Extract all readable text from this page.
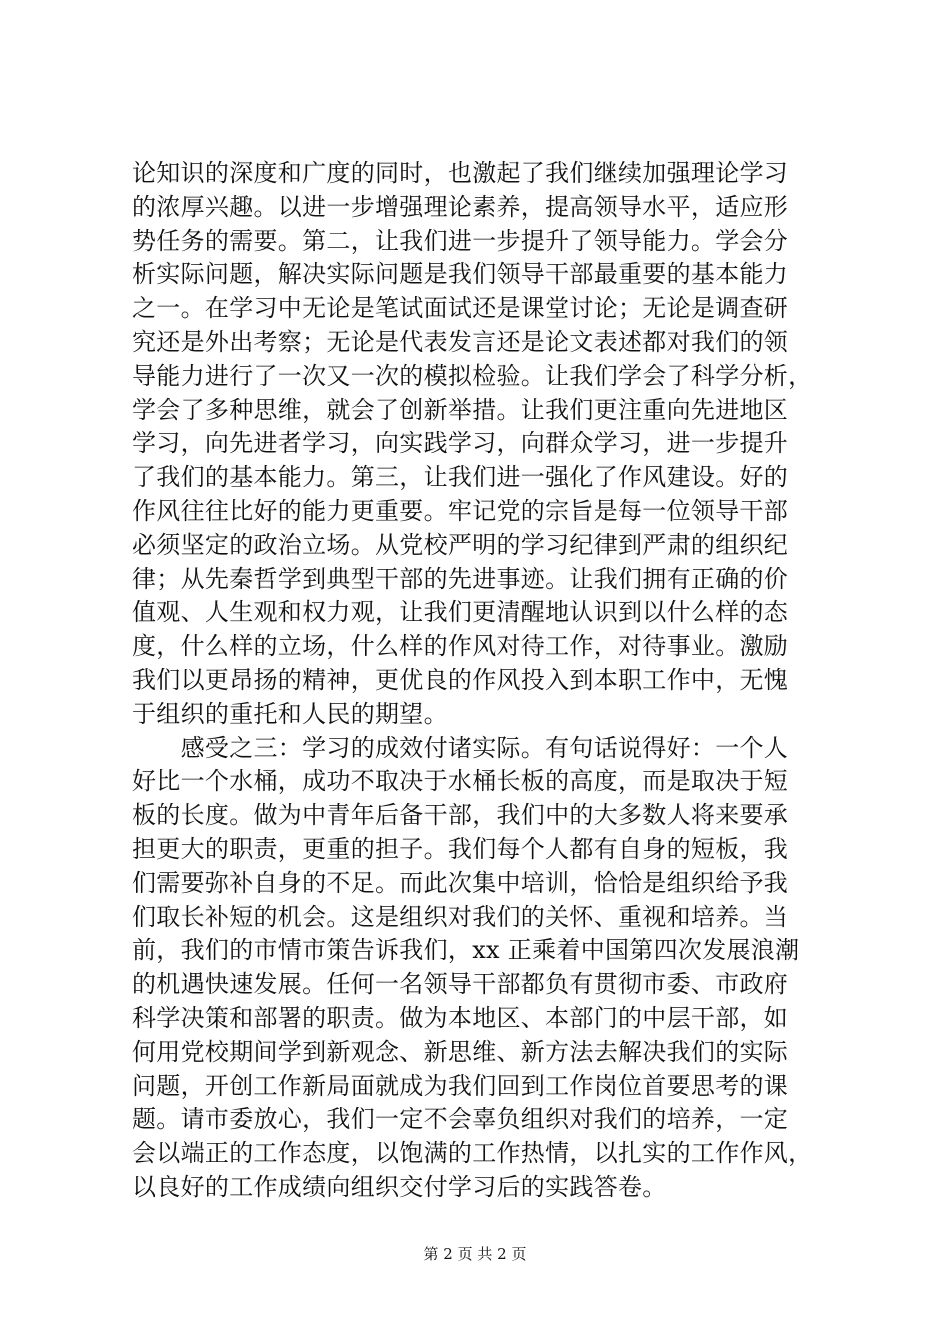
论知识的深度和广度的同时，也激起了我们继续加强理论学习
的浓厚兴趣。以进一步增强理论素养，提高领导水平，适应形
势任务的需要。第二，让我们进一步提升了领导能力。学会分
析实际问题，解决实际问题是我们领导干部最重要的基本能力
之一。在学习中无论是笔试面试还是课堂讨论；无论是调查研
究还是外出考察；无论是代表发言还是论文表述都对我们的领
导能力进行了一次又一次的模拟检验。让我们学会了科学分析，
学会了多种思维，就会了创新举措。让我们更注重向先进地区
学习，向先进者学习，向实践学习，向群众学习，进一步提升
了我们的基本能力。第三，让我们进一强化了作风建设。好的
作风往往比好的能力更重要。牢记党的宗旨是每一位领导干部
必须坚定的政治立场。从党校严明的学习纪律到严肃的组织纪
律；从先秦哲学到典型干部的先进事迹。让我们拥有正确的价
值观、人生观和权力观，让我们更清醒地认识到以什么样的态
度，什么样的立场，什么样的作风对待工作，对待事业。激励
我们以更昂扬的精神，更优良的作风投入到本职工作中，无愧
于组织的重托和人民的期望。
　　感受之三：学习的成效付诸实际。有句话说得好：一个人
好比一个水桶，成功不取决于水桶长板的高度，而是取决于短
板的长度。做为中青年后备干部，我们中的大多数人将来要承
担更大的职责，更重的担子。我们每个人都有自身的短板，我
们需要弥补自身的不足。而此次集中培训，恰恰是组织给予我
们取长补短的机会。这是组织对我们的关怀、重视和培养。当
前，我们的市情市策告诉我们，xx 正乘着中国第四次发展浪潮
的机遇快速发展。任何一名领导干部都负有贯彻市委、市政府
科学决策和部署的职责。做为本地区、本部门的中层干部，如
何用党校期间学到新观念、新思维、新方法去解决我们的实际
问题，开创工作新局面就成为我们回到工作岗位首要思考的课
题。请市委放心，我们一定不会辜负组织对我们的培养，一定
会以端正的工作态度，以饱满的工作热情，以扎实的工作作风，
以良好的工作成绩向组织交付学习后的实践答卷。
第 2 页 共 2 页
